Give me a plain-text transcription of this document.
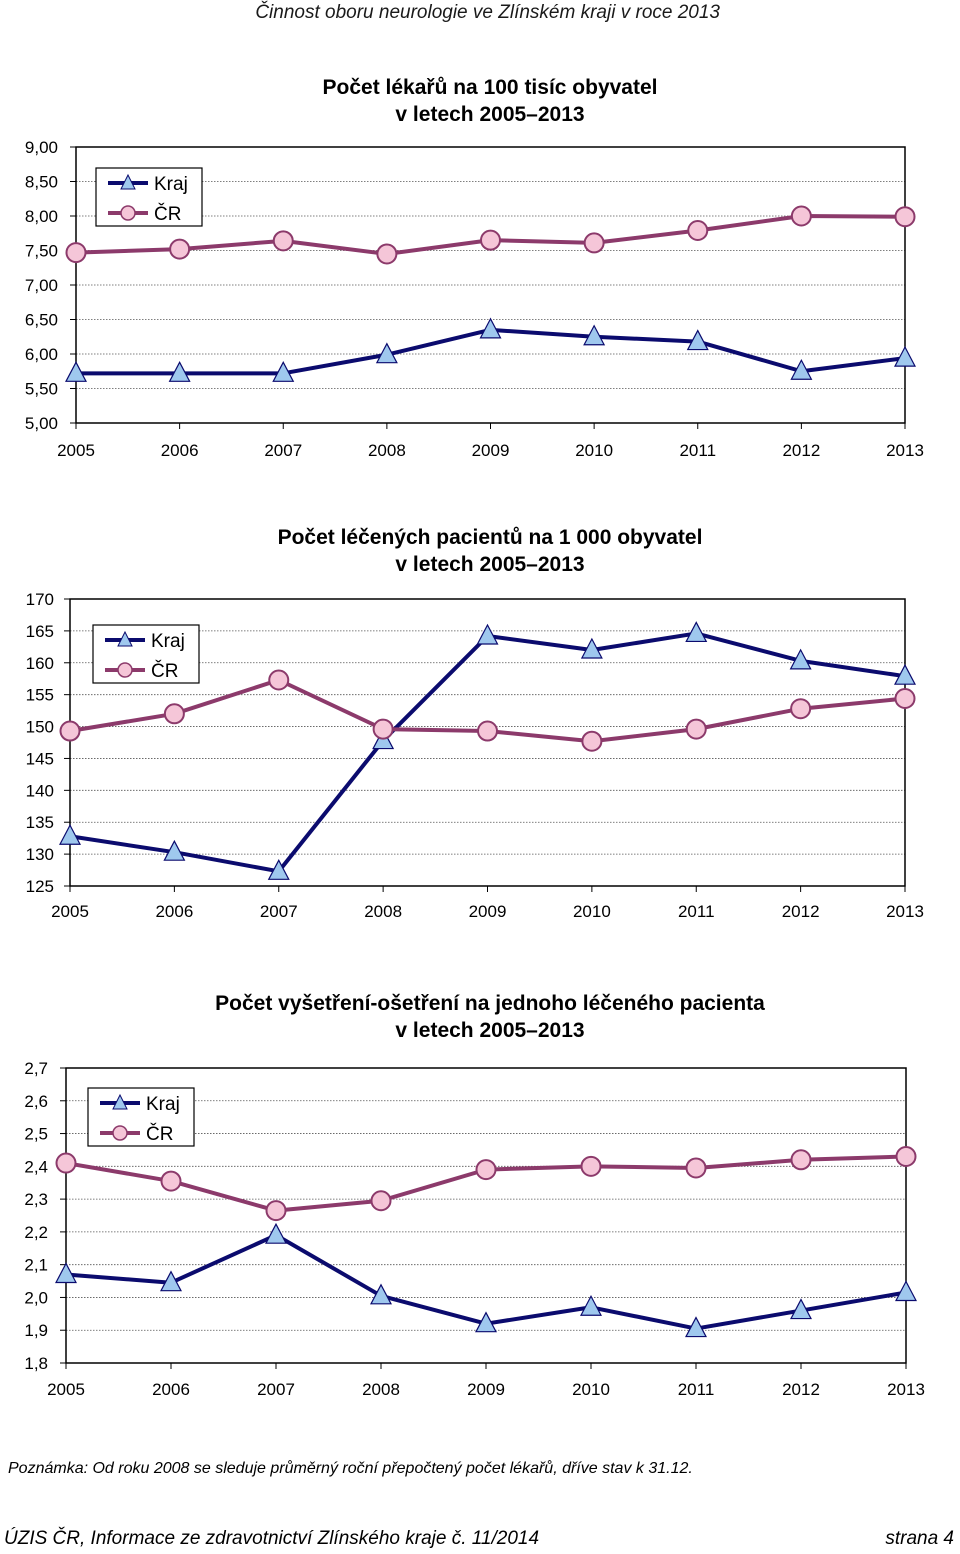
Činnost oboru neurologie ve Zlínském kraji v roce 2013
Počet lékařů na 100 tisíc obyvatel
v letech 2005–2013
5,00
5,50
6,00
6,50
7,00
7,50
8,00
8,50
9,00
2005	2006	2007	2008	2009	2010	2011	2012	2013
Kraj
ČR
Počet léčených pacientů na 1 000 obyvatel
v letech 2005–2013
125
130
135
140
145
150
155
160
165
170
2005	2006	2007	2008	2009	2010	2011	2012	2013
Kraj
ČR
Počet vyšetření-ošetření na jednoho léčeného pacienta
v letech 2005–2013
1,8
1,9
2,0
2,1
2,2
2,3
2,4
2,5
2,6
2,7
2005	2006	2007	2008	2009	2010	2011	2012	2013
Kraj
ČR
Poznámka: Od roku 2008 se sleduje průměrný roční přepočtený počet lékařů, dříve stav k 31.12.
ÚZIS ČR, Informace ze zdravotnictví Zlínského kraje č. 11/2014	strana 4
